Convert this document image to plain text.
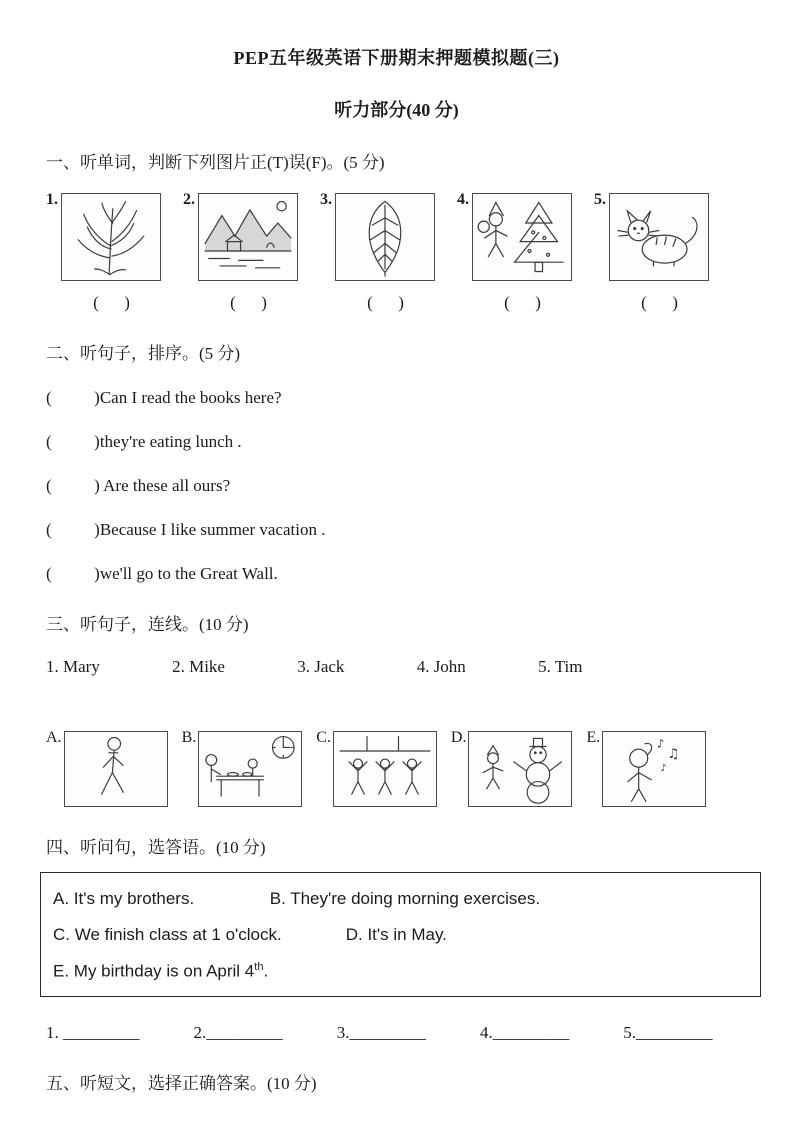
PEP五年级英语下册期末押题模拟题(三)
听力部分(40 分)
一、听单词，判断下列图片正(T)误(F)。(5 分)
1.
(      )
2.
(      )
3.
(      )
4.
(      )
5.
(      )
二、听句子，排序。(5 分)
(          )Can I read the books here?
(          )they're eating lunch .
(          ) Are these all ours?
(          )Because I like summer vacation .
(          )we'll go to the Great Wall.
三、听句子，连线。(10 分)
1. Mary	2. Mike	3. Jack	4. John	5. Tim
A.	B.	C.	D.	E.	♪
♫
♪
四、听问句，选答语。(10 分)
A. It's my brothers.	B. They're doing morning exercises.
C. We finish class at 1 o'clock.	D. It's in May.
E. My birthday is on April 4th.
1. _________	2._________	3._________	4._________	5._________
五、听短文，选择正确答案。(10 分)
